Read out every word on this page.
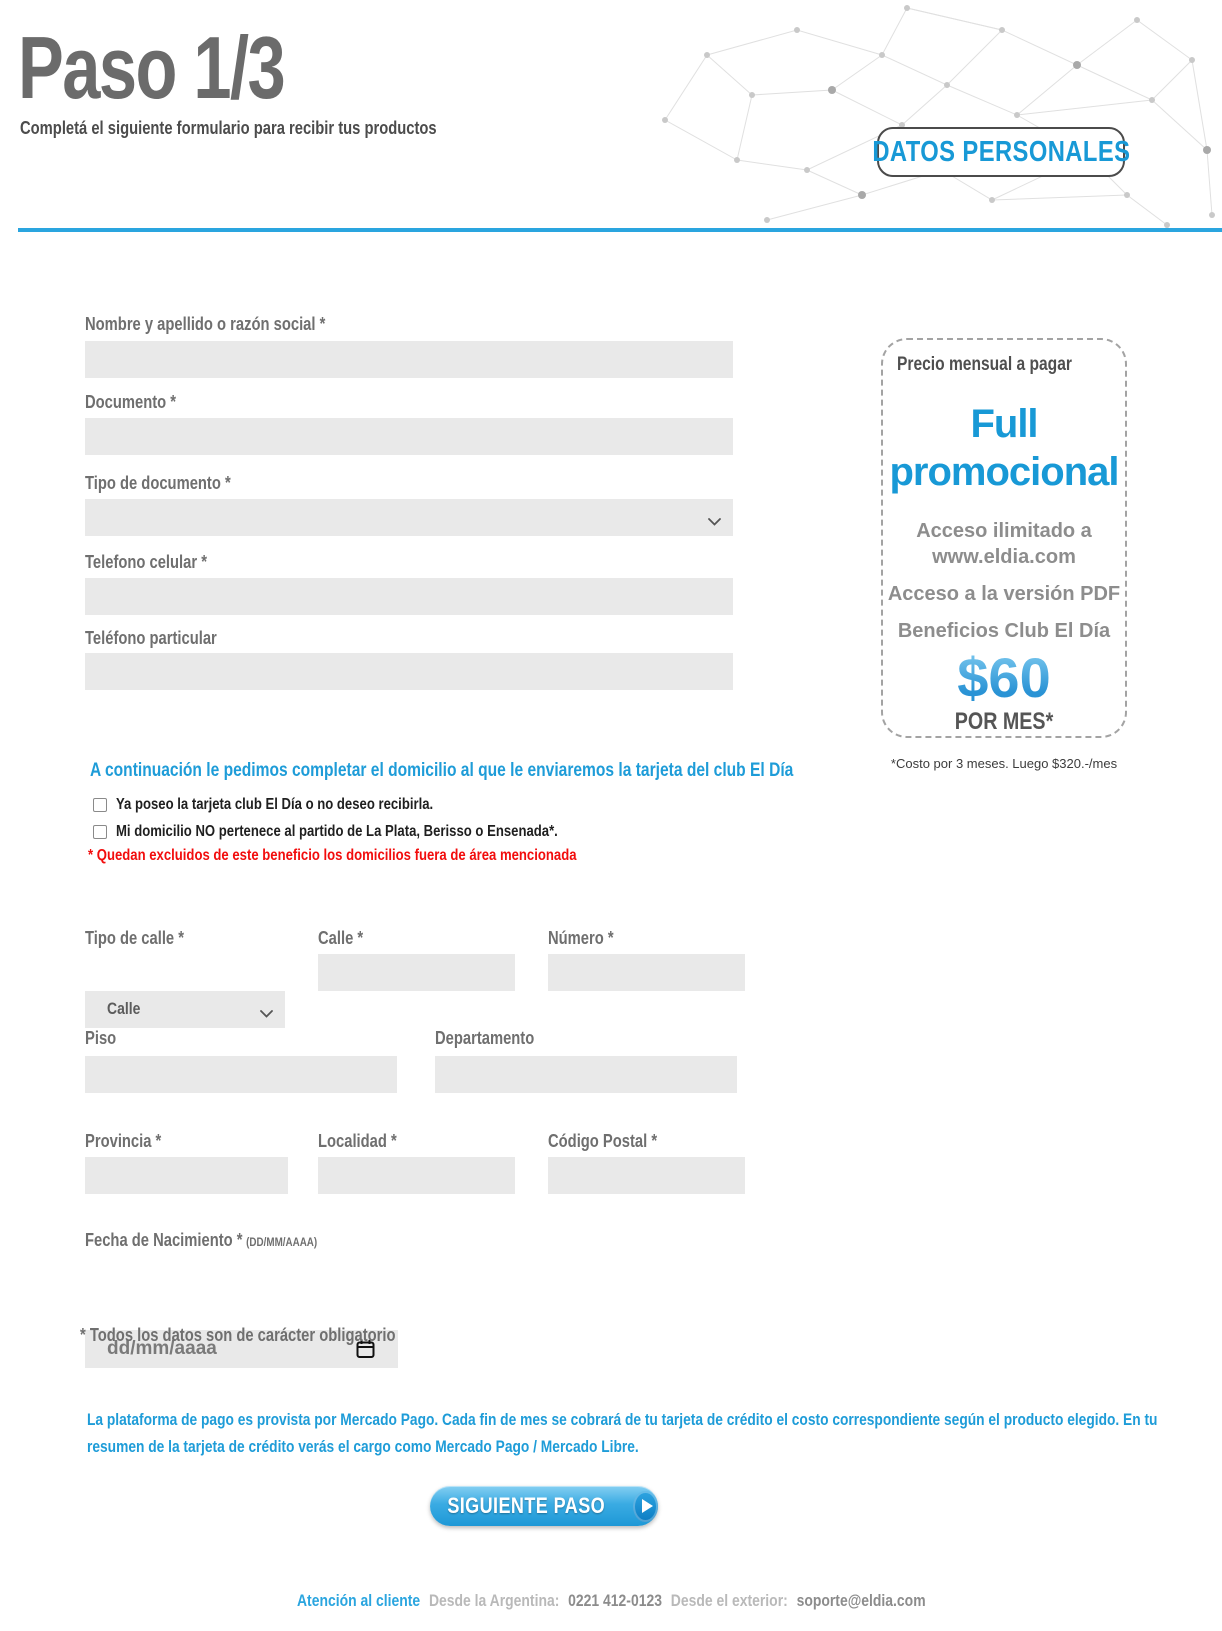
Paso 1/3
Completá el siguiente formulario para recibir tus productos
DATOS PERSONALES
Nombre y apellido o razón social *
Documento *
Tipo de documento *
Telefono celular *
Teléfono particular
A continuación le pedimos completar el domicilio al que le enviaremos la tarjeta del club El Día
Ya poseo la tarjeta club El Día o no deseo recibirla.
Mi domicilio NO pertenece al partido de La Plata, Berisso o Ensenada*.
* Quedan excluidos de este beneficio los domicilios fuera de área mencionada
Tipo de calle *	Calle *	Número *
Calle
Piso	Departamento
Provincia *	Localidad *	Código Postal *
Fecha de Nacimiento * (DD/MM/AAAA)
dd/mm/aaaa
* Todos los datos son de carácter obligatorio
La plataforma de pago es provista por Mercado Pago. Cada fin de mes se cobrará de tu tarjeta de crédito el costo correspondiente según el producto elegido. En tu resumen de la tarjeta de crédito verás el cargo como Mercado Pago / Mercado Libre.
SIGUIENTE PASO
Precio mensual a pagar
Full promocional
Acceso ilimitado a www.eldia.com
Acceso a la versión PDF
Beneficios Club El Día
$60
POR MES*
*Costo por 3 meses. Luego $320.-/mes
Atención al cliente Desde la Argentina: 0221 412-0123 Desde el exterior: soporte@eldia.com
